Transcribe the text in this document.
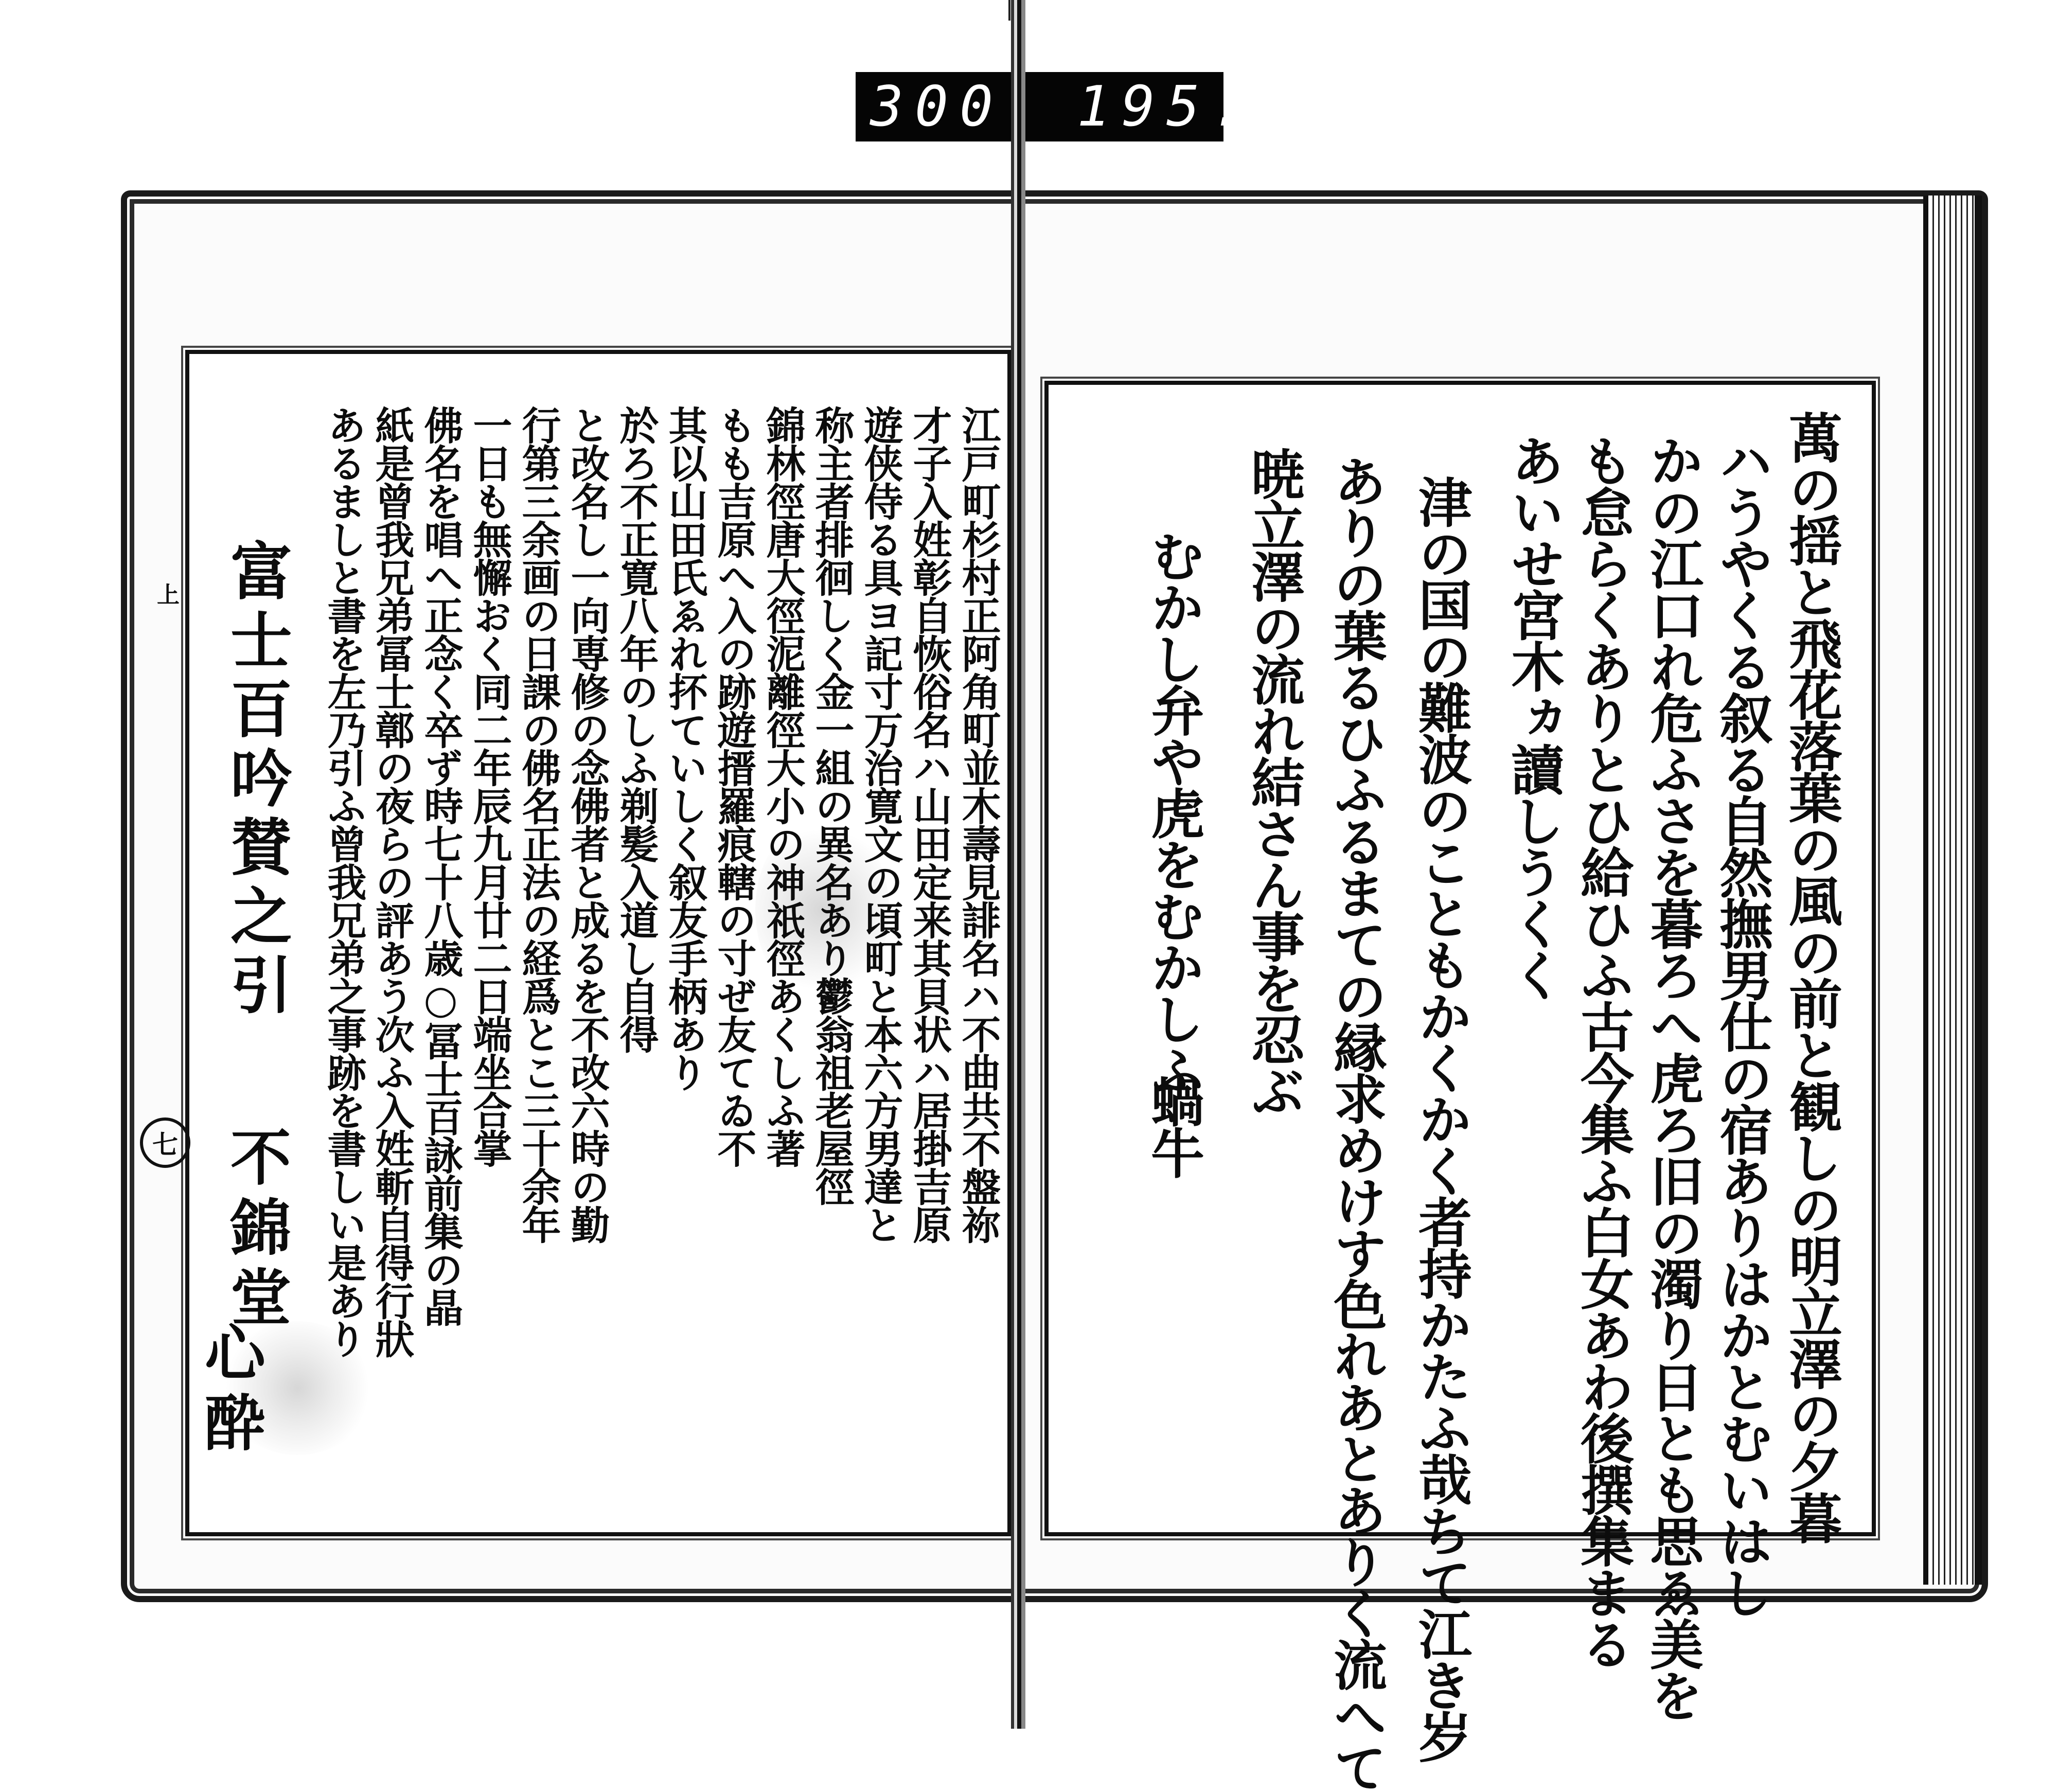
300 195.
江戸町杉村正阿角町並木壽見誹名ハ不曲共不盤祢
才子入姓彰自恢俗名ハ山田定来其貝状ハ居掛吉原
遊侠侍る具ヨ記寸万治寛文の頃町と本六方男達と
称主者排徊しく金一組の異名あり鬱翁祖老屋徑
錦林徑唐大徑泥離徑大小の神祇徑あくしふ著
もも吉原へ入の跡遊搢羅痕轄の寸ぜ友てゐ不
其以山田氏ゑれ抔ていしく叙友手柄あり
於ろ不正寛八年のしふ剃髪入道し自得
と改名し一向専修の念佛者と成るを不改六時の勤
行第三余画の日課の佛名正法の経爲とこ三十余年
一日も無懈おく同二年辰九月廿二日端坐合掌
佛名を唱へ正念く卒ず時七十八歳○冨士百詠前集の晶
紙是曾我兄弟冨士鄣の夜らの評あう次ふ入姓斬自得行狀
あるましと書を左乃引ふ曾我兄弟之事跡を書しい是あり
富士百吟賛之引
不錦堂
心酔
上
七	萬の揺と飛花落葉の風の前と観しの明立澤の夕暮
ハうやくる叙る自然撫男仕の宿ありはかとむいはし
かの江口れ危ふさを暮ろへ虎ろ旧の濁り日とも思ゑ美を
も怠らくありとひ給ひふ古今集ふ白女あわ後撰集まる
あいせ宮木ヵ讀しうくく
津の国の難波のこともかくかく者持かたふ哉ちて江き岁
ありの葉るひふるまての縁求めけす色れあとありく流へて
暁立澤の流れ結さん事を忍ぶ
むかし弁や虎をむかしふ
蝸牛
